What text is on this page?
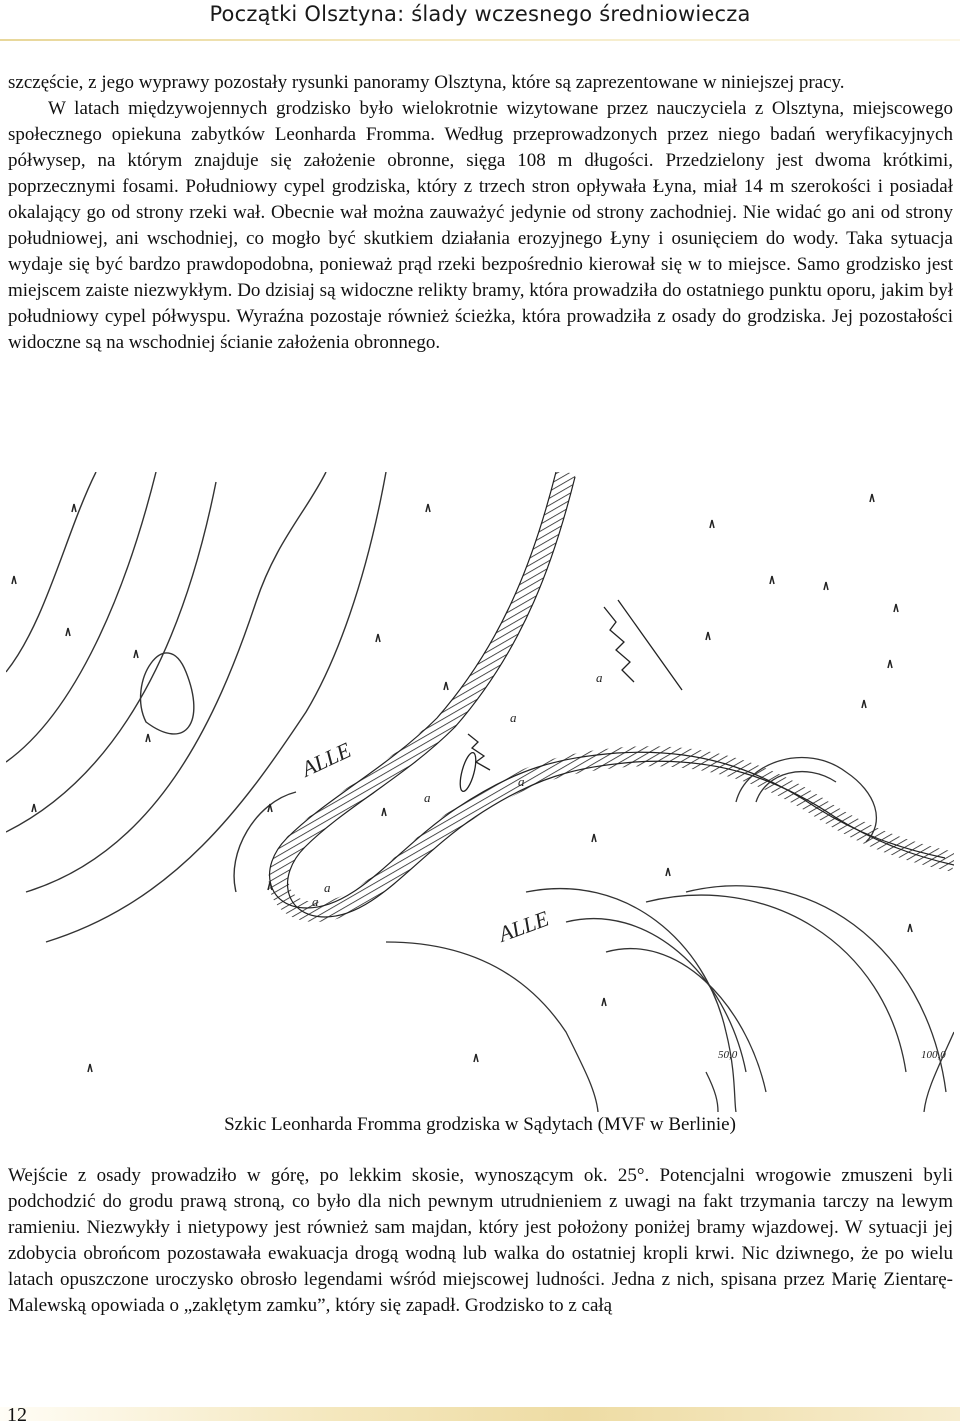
Początki Olsztyna: ślady wczesnego średniowiecza

szczęście, z jego wyprawy pozostały rysunki panoramy Olsztyna, które są zaprezentowane w niniejszej pracy.

W latach międzywojennych grodzisko było wielokrotnie wizytowane przez nauczyciela z Olsztyna, miejscowego społecznego opiekuna zabytków Leonharda Fromma. Według przeprowadzonych przez niego badań weryfikacyjnych półwysep, na którym znajduje się założenie obronne, sięga 108 m długości. Przedzielony jest dwoma krótkimi, poprzecznymi fosami. Południowy cypel grodziska, który z trzech stron opływała Łyna, miał 14 m szerokości i posiadał okalający go od strony rzeki wał. Obecnie wał można zauważyć jedynie od strony zachodniej. Nie widać go ani od strony południowej, ani wschodniej, co mogło być skutkiem działania erozyjnego Łyny i osunięciem do wody. Taka sytuacja wydaje się być bardzo prawdopodobna, ponieważ prąd rzeki bezpośrednio kierował się w to miejsce. Samo grodzisko jest miejscem zaiste niezwykłym. Do dzisiaj są widoczne relikty bramy, która prowadziła do ostatniego punktu oporu, jakim był południowy cypel półwyspu. Wyraźna pozostaje również ścieżka, która prowadziła z osady do grodziska. Jej pozostałości widoczne są na wschodniej ścianie założenia obronnego.

a
a
a
a
a
a
ALLE
ALLE
50,0	100,0
Szkic Leonharda Fromma grodziska w Sądytach (MVF w Berlinie)

Wejście z osady prowadziło w górę, po lekkim skosie, wynoszącym ok. 25°. Potencjalni wrogowie zmuszeni byli podchodzić do grodu prawą stroną, co było dla nich pewnym utrudnieniem z uwagi na fakt trzymania tarczy na lewym ramieniu. Niezwykły i nietypowy jest również sam majdan, który jest położony poniżej bramy wjazdowej. W sytuacji jej zdobycia obrońcom pozostawała ewakuacja drogą wodną lub walka do ostatniej kropli krwi. Nic dziwnego, że po wielu latach opuszczone uroczysko obrosło legendami wśród miejscowej ludności. Jedna z nich, spisana przez Marię Zientarę-Malewską opowiada o „zaklętym zamku”, który się zapadł. Grodzisko to z całą

12
